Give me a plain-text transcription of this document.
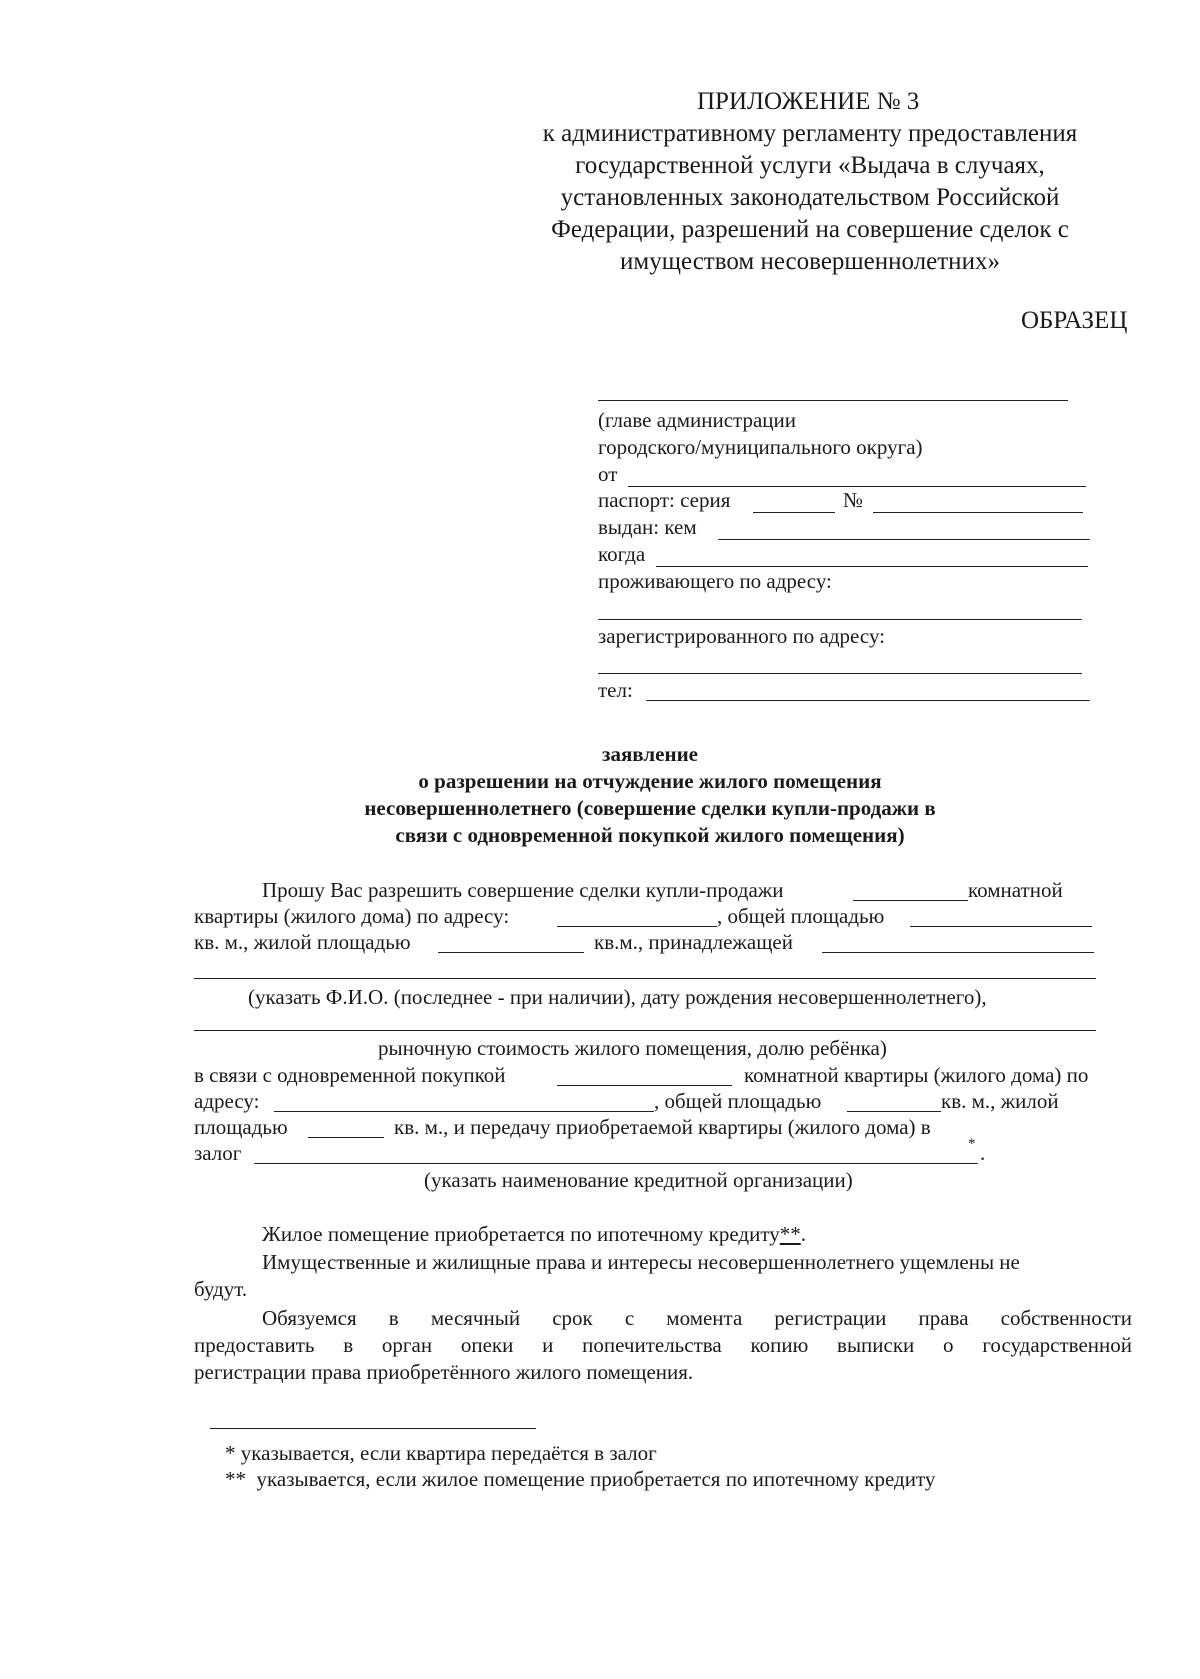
ПРИЛОЖЕНИЕ № 3
к административному регламенту предоставления
государственной услуги «Выдача в случаях,
установленных законодательством Российской
Федерации, разрешений на совершение сделок с
имуществом несовершеннолетних»
ОБРАЗЕЦ
(главе администрации
городского/муниципального округа)
от
паспорт: серия	№
выдан: кем
когда
проживающего по адресу:
зарегистрированного по адресу:
тел:
заявление
о разрешении на отчуждение жилого помещения
несовершеннолетнего (совершение сделки купли-продажи в
связи с одновременной покупкой жилого помещения)
Прошу Вас разрешить совершение сделки купли-продажи	комнатной
квартиры (жилого дома) по адресу:	, общей площадью
кв. м., жилой площадью	кв.м., принадлежащей
(указать Ф.И.О. (последнее - при наличии), дату рождения несовершеннолетнего),
рыночную стоимость жилого помещения, долю ребёнка)
в связи с одновременной покупкой	комнатной квартиры (жилого дома) по
адресу:	, общей площадью	кв. м., жилой
площадью	кв. м., и передачу приобретаемой квартиры (жилого дома) в
залог	* .
(указать наименование кредитной организации)
Жилое помещение приобретается по ипотечному кредиту**.
Имущественные и жилищные права и интересы несовершеннолетнего ущемлены не
будут.
Обязуемся в месячный срок с момента регистрации права собственности
предоставить в орган опеки и попечительства копию выписки о государственной
регистрации права приобретённого жилого помещения.
* указывается, если квартира передаётся в залог
** указывается, если жилое помещение приобретается по ипотечному кредиту
